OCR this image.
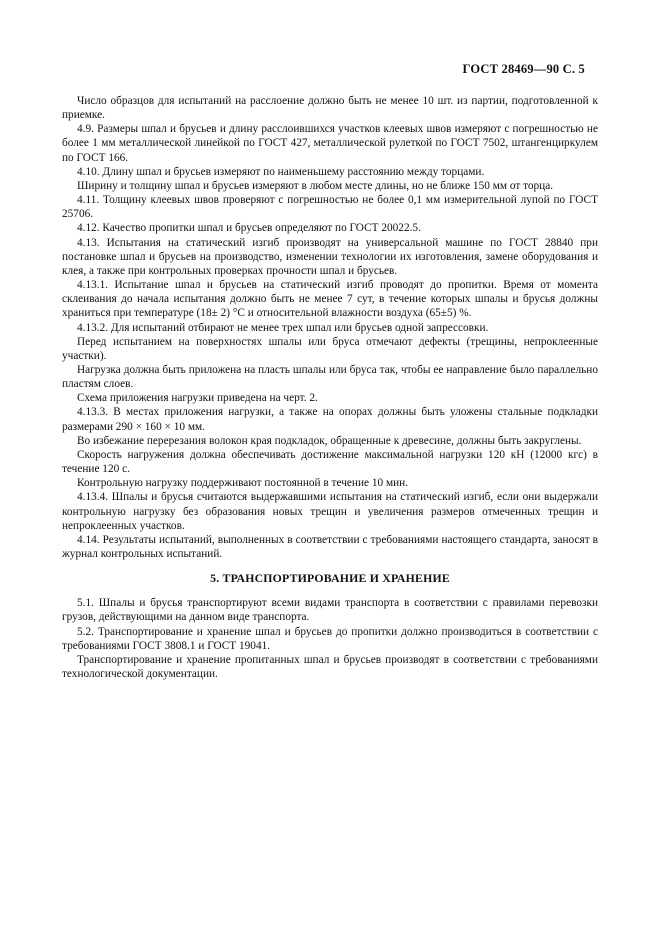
ГОСТ 28469—90 С. 5

Число образцов для испытаний на расслоение должно быть не менее 10 шт. из партии, подготовленной к приемке.

4.9. Размеры шпал и брусьев и длину расслоившихся участков клеевых швов измеряют с погрешностью не более 1 мм металлической линейкой по ГОСТ 427, металлической рулеткой по ГОСТ 7502, штангенциркулем по ГОСТ 166.

4.10. Длину шпал и брусьев измеряют по наименьшему расстоянию между торцами.

Ширину и толщину шпал и брусьев измеряют в любом месте длины, но не ближе 150 мм от торца.

4.11. Толщину клеевых швов проверяют с погрешностью не более 0,1 мм измерительной лупой по ГОСТ 25706.

4.12. Качество пропитки шпал и брусьев определяют по ГОСТ 20022.5.

4.13. Испытания на статический изгиб производят на универсальной машине по ГОСТ 28840 при постановке шпал и брусьев на производство, изменении технологии их изготовления, замене оборудования и клея, а также при контрольных проверках прочности шпал и брусьев.

4.13.1. Испытание шпал и брусьев на статический изгиб проводят до пропитки. Время от момента склеивания до начала испытания должно быть не менее 7 сут, в течение которых шпалы и брусья должны храниться при температуре (18± 2) °С и относительной влажности воздуха (65±5) %.

4.13.2. Для испытаний отбирают не менее трех шпал или брусьев одной запрессовки.

Перед испытанием на поверхностях шпалы или бруса отмечают дефекты (трещины, непроклеенные участки).

Нагрузка должна быть приложена на пласть шпалы или бруса так, чтобы ее направление было параллельно пластям слоев.

Схема приложения нагрузки приведена на черт. 2.

4.13.3. В местах приложения нагрузки, а также на опорах должны быть уложены стальные подкладки размерами 290 × 160 × 10 мм.

Во избежание перерезания волокон края подкладок, обращенные к древесине, должны быть закруглены.

Скорость нагружения должна обеспечивать достижение максимальной нагрузки 120 кН (12000 кгс) в течение 120 с.

Контрольную нагрузку поддерживают постоянной в течение 10 мин.

4.13.4. Шпалы и брусья считаются выдержавшими испытания на статический изгиб, если они выдержали контрольную нагрузку без образования новых трещин и увеличения размеров отмеченных трещин и непроклеенных участков.

4.14. Результаты испытаний, выполненных в соответствии с требованиями настоящего стандарта, заносят в журнал контрольных испытаний.

5. ТРАНСПОРТИРОВАНИЕ И ХРАНЕНИЕ

5.1. Шпалы и брусья транспортируют всеми видами транспорта в соответствии с правилами перевозки грузов, действующими на данном виде транспорта.

5.2. Транспортирование и хранение шпал и брусьев до пропитки должно производиться в соответствии с требованиями ГОСТ 3808.1 и ГОСТ 19041.

Транспортирование и хранение пропитанных шпал и брусьев производят в соответствии с требованиями технологической документации.
